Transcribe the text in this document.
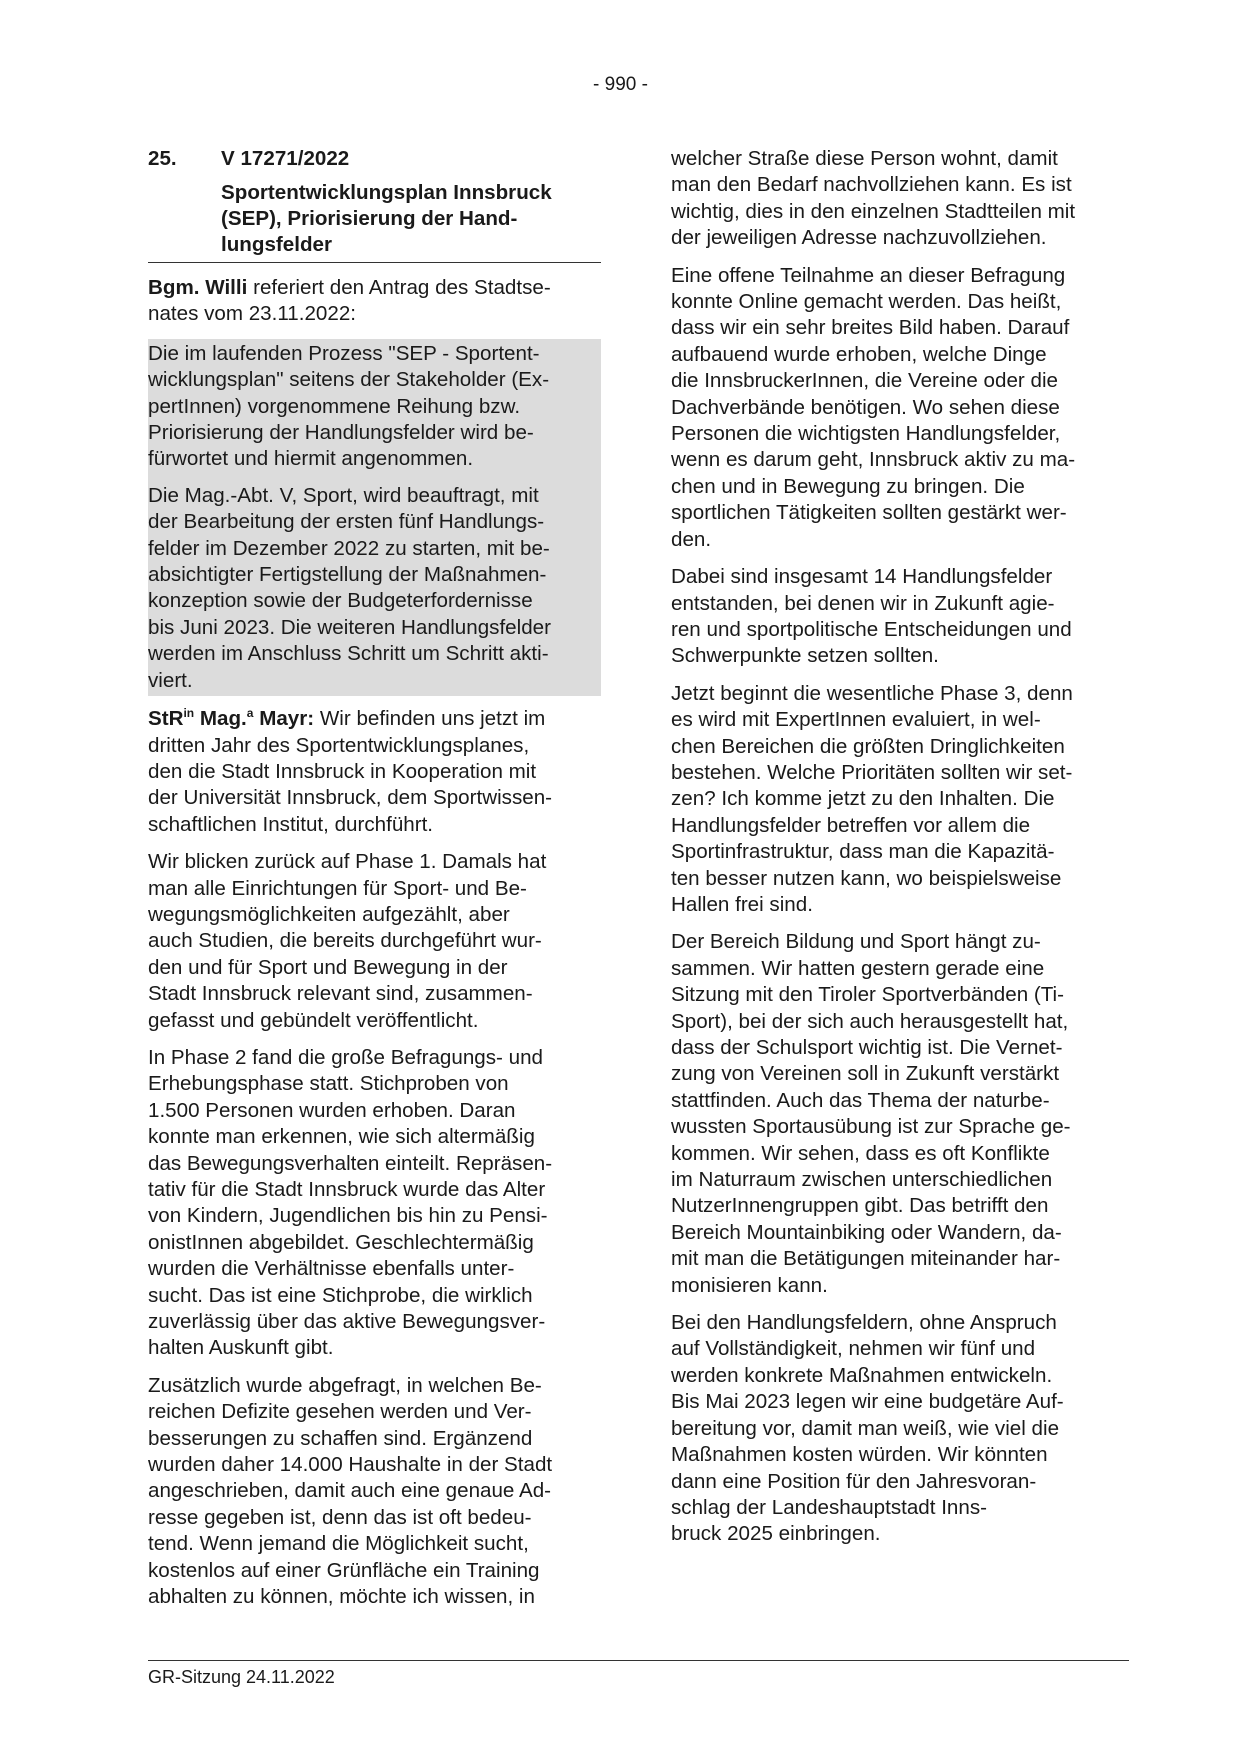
- 990 -
25.	V 17271/2022
Sportentwicklungsplan Innsbruck
(SEP), Priorisierung der Hand-
lungsfelder

Bgm. Willi referiert den Antrag des Stadtse-
nates vom 23.11.2022:

Die im laufenden Prozess "SEP - Sportent-
wicklungsplan" seitens der Stakeholder (Ex-
pertInnen) vorgenommene Reihung bzw.
Priorisierung der Handlungsfelder wird be-
fürwortet und hiermit angenommen.

Die Mag.-Abt. V, Sport, wird beauftragt, mit
der Bearbeitung der ersten fünf Handlungs-
felder im Dezember 2022 zu starten, mit be-
absichtigter Fertigstellung der Maßnahmen-
konzeption sowie der Budgeterfordernisse
bis Juni 2023. Die weiteren Handlungsfelder
werden im Anschluss Schritt um Schritt akti-
viert.

StR$^{in}$ Mag.$^a$ Mayr: Wir befinden uns jetzt im
dritten Jahr des Sportentwicklungsplanes,
den die Stadt Innsbruck in Kooperation mit
der Universität Innsbruck, dem Sportwissen-
schaftlichen Institut, durchführt.

Wir blicken zurück auf Phase 1. Damals hat
man alle Einrichtungen für Sport- und Be-
wegungsmöglichkeiten aufgezählt, aber
auch Studien, die bereits durchgeführt wur-
den und für Sport und Bewegung in der
Stadt Innsbruck relevant sind, zusammen-
gefasst und gebündelt veröffentlicht.

In Phase 2 fand die große Befragungs- und
Erhebungsphase statt. Stichproben von
1.500 Personen wurden erhoben. Daran
konnte man erkennen, wie sich altermäßig
das Bewegungsverhalten einteilt. Repräsen-
tativ für die Stadt Innsbruck wurde das Alter
von Kindern, Jugendlichen bis hin zu Pensi-
onistInnen abgebildet. Geschlechtermäßig
wurden die Verhältnisse ebenfalls unter-
sucht. Das ist eine Stichprobe, die wirklich
zuverlässig über das aktive Bewegungsver-
halten Auskunft gibt.

Zusätzlich wurde abgefragt, in welchen Be-
reichen Defizite gesehen werden und Ver-
besserungen zu schaffen sind. Ergänzend
wurden daher 14.000 Haushalte in der Stadt
angeschrieben, damit auch eine genaue Ad-
resse gegeben ist, denn das ist oft bedeu-
tend. Wenn jemand die Möglichkeit sucht,
kostenlos auf einer Grünfläche ein Training
abhalten zu können, möchte ich wissen, in

welcher Straße diese Person wohnt, damit
man den Bedarf nachvollziehen kann. Es ist
wichtig, dies in den einzelnen Stadtteilen mit
der jeweiligen Adresse nachzuvollziehen.

Eine offene Teilnahme an dieser Befragung
konnte Online gemacht werden. Das heißt,
dass wir ein sehr breites Bild haben. Darauf
aufbauend wurde erhoben, welche Dinge
die InnsbruckerInnen, die Vereine oder die
Dachverbände benötigen. Wo sehen diese
Personen die wichtigsten Handlungsfelder,
wenn es darum geht, Innsbruck aktiv zu ma-
chen und in Bewegung zu bringen. Die
sportlichen Tätigkeiten sollten gestärkt wer-
den.

Dabei sind insgesamt 14 Handlungsfelder
entstanden, bei denen wir in Zukunft agie-
ren und sportpolitische Entscheidungen und
Schwerpunkte setzen sollten.

Jetzt beginnt die wesentliche Phase 3, denn
es wird mit ExpertInnen evaluiert, in wel-
chen Bereichen die größten Dringlichkeiten
bestehen. Welche Prioritäten sollten wir set-
zen? Ich komme jetzt zu den Inhalten. Die
Handlungsfelder betreffen vor allem die
Sportinfrastruktur, dass man die Kapazitä-
ten besser nutzen kann, wo beispielsweise
Hallen frei sind.

Der Bereich Bildung und Sport hängt zu-
sammen. Wir hatten gestern gerade eine
Sitzung mit den Tiroler Sportverbänden (Ti-
Sport), bei der sich auch herausgestellt hat,
dass der Schulsport wichtig ist. Die Vernet-
zung von Vereinen soll in Zukunft verstärkt
stattfinden. Auch das Thema der naturbe-
wussten Sportausübung ist zur Sprache ge-
kommen. Wir sehen, dass es oft Konflikte
im Naturraum zwischen unterschiedlichen
NutzerInnengruppen gibt. Das betrifft den
Bereich Mountainbiking oder Wandern, da-
mit man die Betätigungen miteinander har-
monisieren kann.

Bei den Handlungsfeldern, ohne Anspruch
auf Vollständigkeit, nehmen wir fünf und
werden konkrete Maßnahmen entwickeln.
Bis Mai 2023 legen wir eine budgetäre Auf-
bereitung vor, damit man weiß, wie viel die
Maßnahmen kosten würden. Wir könnten
dann eine Position für den Jahresvoran-
schlag der Landeshauptstadt Inns-
bruck 2025 einbringen.

GR-Sitzung 24.11.2022
